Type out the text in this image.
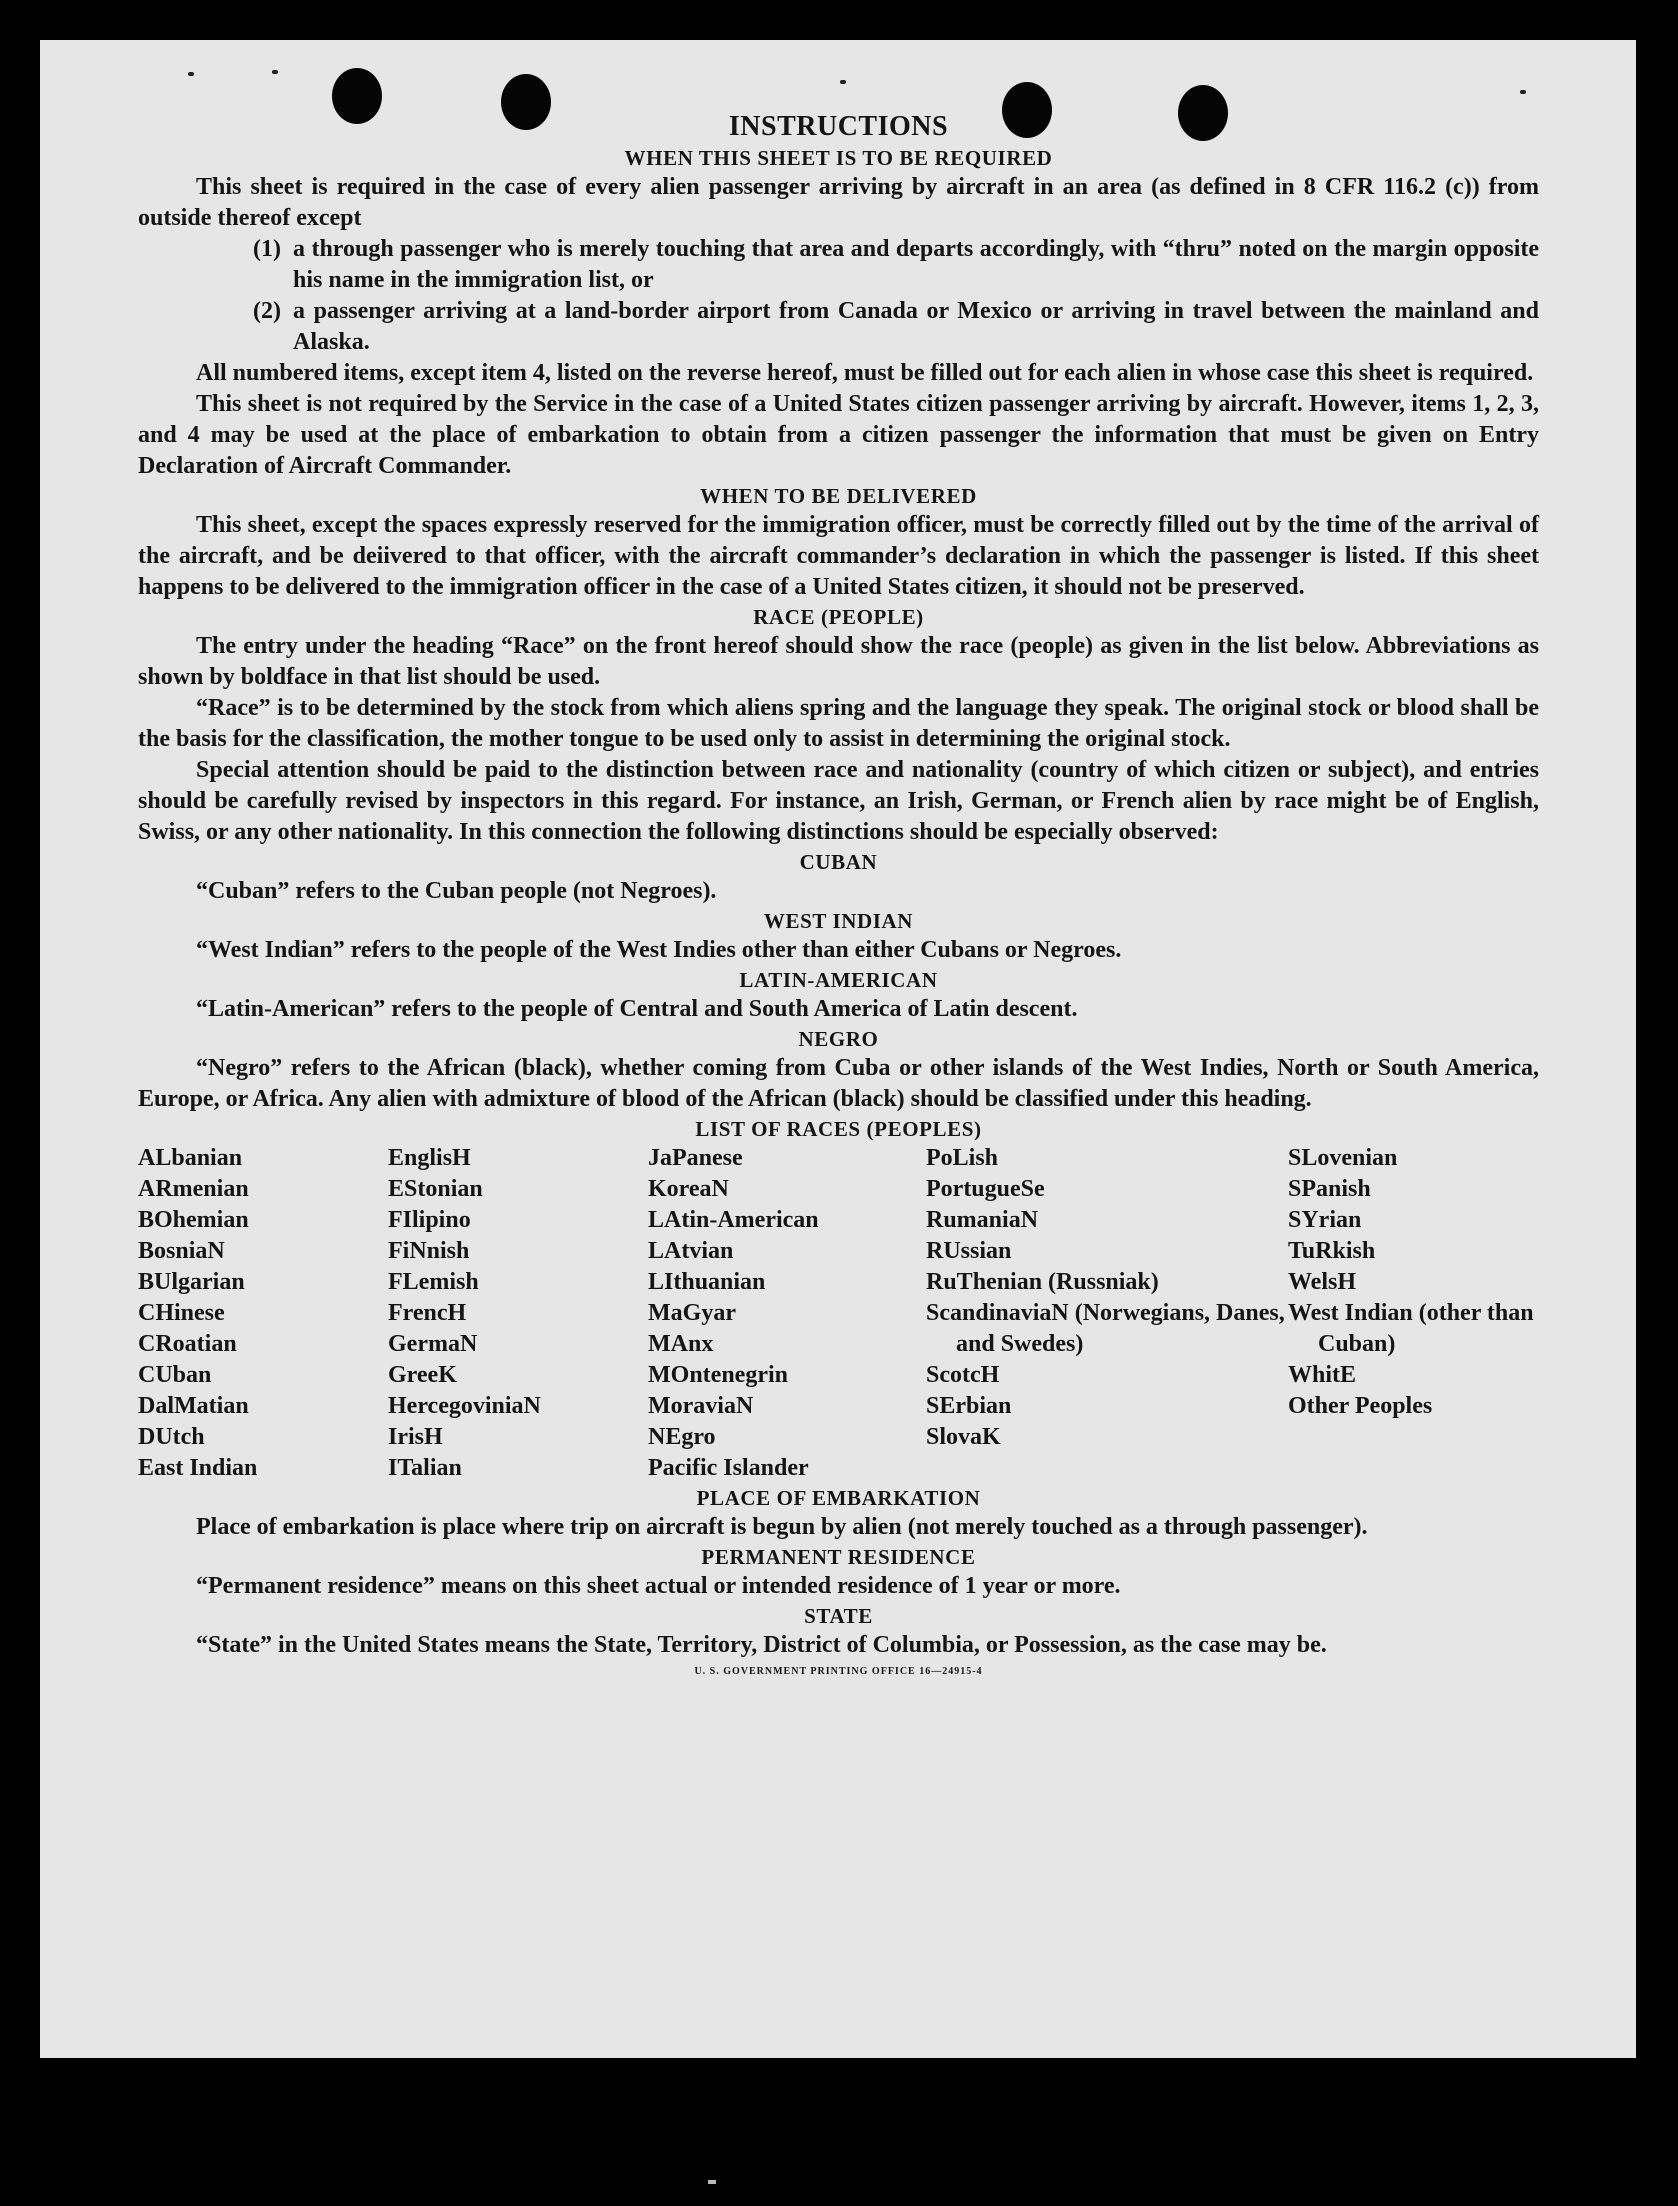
INSTRUCTIONS
WHEN THIS SHEET IS TO BE REQUIRED

This sheet is required in the case of every alien passenger arriving by aircraft in an area (as defined in 8 CFR 116.2 (c)) from outside thereof except

(1) a through passenger who is merely touching that area and departs accordingly, with “thru” noted on the margin opposite his name in the immigration list, or
(2) a passenger arriving at a land-border airport from Canada or Mexico or arriving in travel between the mainland and Alaska.

All numbered items, except item 4, listed on the reverse hereof, must be filled out for each alien in whose case this sheet is required.

This sheet is not required by the Service in the case of a United States citizen passenger arriving by aircraft. However, items 1, 2, 3, and 4 may be used at the place of embarkation to obtain from a citizen passenger the information that must be given on Entry Declaration of Aircraft Commander.

WHEN TO BE DELIVERED

This sheet, except the spaces expressly reserved for the immigration officer, must be correctly filled out by the time of the arrival of the aircraft, and be deiivered to that officer, with the aircraft commander’s declaration in which the passenger is listed. If this sheet happens to be delivered to the immigration officer in the case of a United States citizen, it should not be preserved.

RACE (PEOPLE)

The entry under the heading “Race” on the front hereof should show the race (people) as given in the list below. Abbreviations as shown by boldface in that list should be used.

“Race” is to be determined by the stock from which aliens spring and the language they speak. The original stock or blood shall be the basis for the classification, the mother tongue to be used only to assist in determining the original stock.

Special attention should be paid to the distinction between race and nationality (country of which citizen or subject), and entries should be carefully revised by inspectors in this regard. For instance, an Irish, German, or French alien by race might be of English, Swiss, or any other nationality. In this connection the following distinctions should be especially observed:

CUBAN

“Cuban” refers to the Cuban people (not Negroes).

WEST INDIAN

“West Indian” refers to the people of the West Indies other than either Cubans or Negroes.

LATIN-AMERICAN

“Latin-American” refers to the people of Central and South America of Latin descent.

NEGRO

“Negro” refers to the African (black), whether coming from Cuba or other islands of the West Indies, North or South America, Europe, or Africa. Any alien with admixture of blood of the African (black) should be classified under this heading.

LIST OF RACES (PEOPLES)
ALbanian
ARmenian
BOhemian
BosniaN
BUlgarian
CHinese
CRoatian
CUban
DalMatian
DUtch
East Indian
EnglisH
EStonian
FIlipino
FiNnish
FLemish
FrencH
GermaN
GreeK
HercegoviniaN
IrisH
ITalian
JaPanese
KoreaN
LAtin-American
LAtvian
LIthuanian
MaGyar
MAnx
MOntenegrin
MoraviaN
NEgro
Pacific Islander
PoLish
PortugueSe
RumaniaN
RUssian
RuThenian (Russniak)
ScandinaviaN (Norwegians, Danes, and Swedes)
ScotcH
SErbian
SlovaK
SLovenian
SPanish
SYrian
TuRkish
WelsH
West Indian (other than Cuban)
WhitE
Other Peoples
PLACE OF EMBARKATION

Place of embarkation is place where trip on aircraft is begun by alien (not merely touched as a through passenger).

PERMANENT RESIDENCE

“Permanent residence” means on this sheet actual or intended residence of 1 year or more.

STATE

“State” in the United States means the State, Territory, District of Columbia, or Possession, as the case may be.

U. S. GOVERNMENT PRINTING OFFICE 16—24915-4
